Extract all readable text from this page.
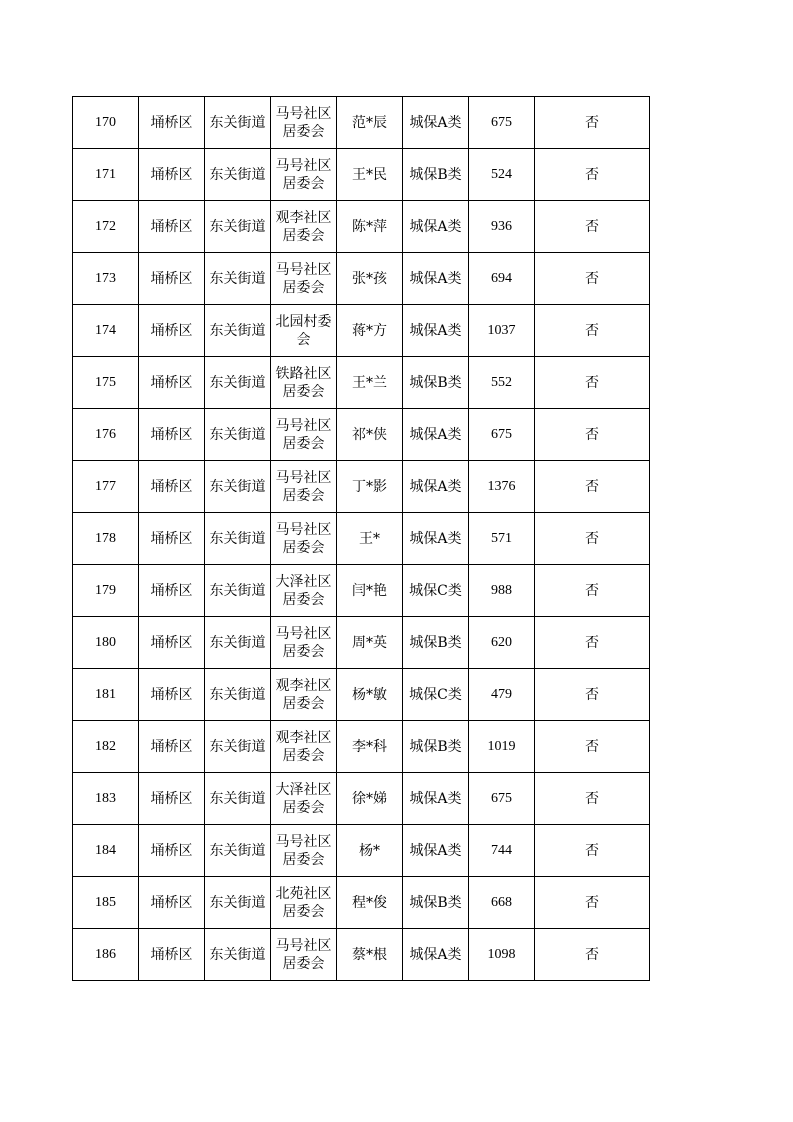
170	埇桥区	东关街道	马号社区居委会	范*辰	城保A类	675	否
171	埇桥区	东关街道	马号社区居委会	王*民	城保B类	524	否
172	埇桥区	东关街道	观李社区居委会	陈*萍	城保A类	936	否
173	埇桥区	东关街道	马号社区居委会	张*孩	城保A类	694	否
174	埇桥区	东关街道	北园村委会	蒋*方	城保A类	1037	否
175	埇桥区	东关街道	铁路社区居委会	王*兰	城保B类	552	否
176	埇桥区	东关街道	马号社区居委会	祁*侠	城保A类	675	否
177	埇桥区	东关街道	马号社区居委会	丁*影	城保A类	1376	否
178	埇桥区	东关街道	马号社区居委会	王*	城保A类	571	否
179	埇桥区	东关街道	大泽社区居委会	闫*艳	城保C类	988	否
180	埇桥区	东关街道	马号社区居委会	周*英	城保B类	620	否
181	埇桥区	东关街道	观李社区居委会	杨*敏	城保C类	479	否
182	埇桥区	东关街道	观李社区居委会	李*科	城保B类	1019	否
183	埇桥区	东关街道	大泽社区居委会	徐*娣	城保A类	675	否
184	埇桥区	东关街道	马号社区居委会	杨*	城保A类	744	否
185	埇桥区	东关街道	北苑社区居委会	程*俊	城保B类	668	否
186	埇桥区	东关街道	马号社区居委会	蔡*根	城保A类	1098	否
